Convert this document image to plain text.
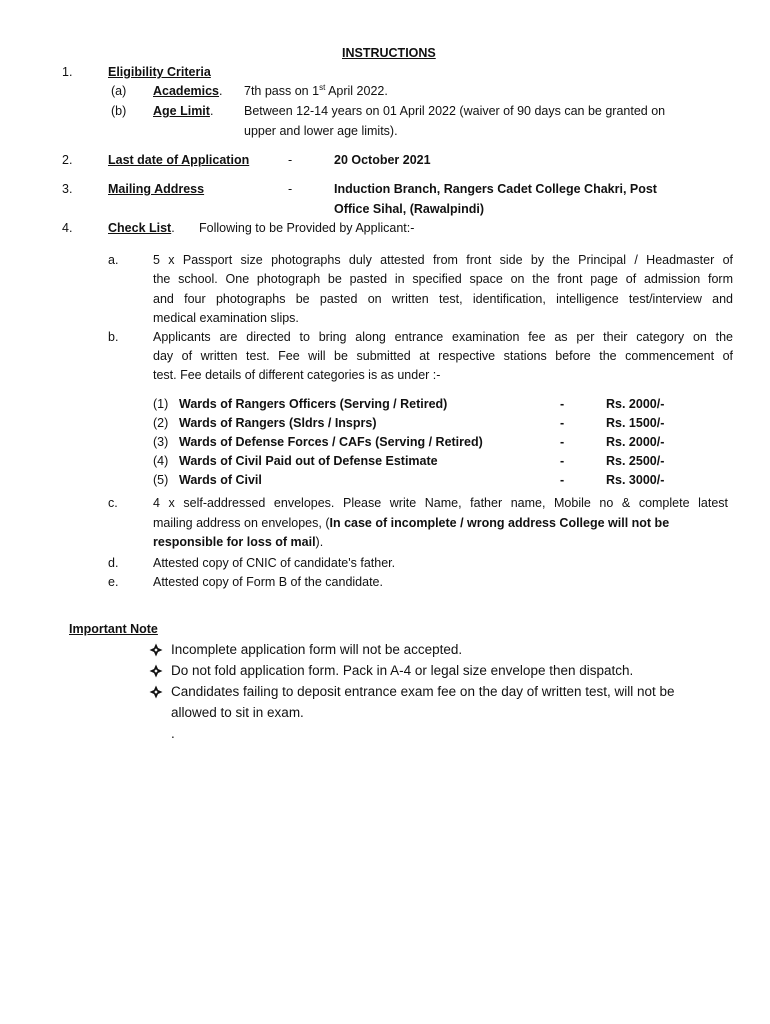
INSTRUCTIONS
1.	Eligibility Criteria
(a) Academics. 7th pass on 1st April 2022.
(b) Age Limit. Between 12-14 years on 01 April 2022 (waiver of 90 days can be granted on
upper and lower age limits).
2.	Last date of Application	-	20 October 2021
3.	Mailing Address	-	Induction Branch, Rangers Cadet College Chakri, Post
Office Sihal, (Rawalpindi)
4.	Check List. Following to be Provided by Applicant:-
a.	5 x Passport size photographs duly attested from front side by the Principal / Headmaster of
the school. One photograph be pasted in specified space on the front page of admission form
and four photographs be pasted on written test, identification, intelligence test/interview and
medical examination slips.
b.	Applicants are directed to bring along entrance examination fee as per their category on the
day of written test. Fee will be submitted at respective stations before the commencement of
test. Fee details of different categories is as under :-
(1) Wards of Rangers Officers (Serving / Retired)	-	Rs. 2000/-
(2) Wards of Rangers (Sldrs / Insprs)	-	Rs. 1500/-
(3) Wards of Defense Forces / CAFs (Serving / Retired)	-	Rs. 2000/-
(4) Wards of Civil Paid out of Defense Estimate	-	Rs. 2500/-
(5) Wards of Civil	-	Rs. 3000/-
c.	4 x self-addressed envelopes. Please write Name, father name, Mobile no & complete latest
mailing address on envelopes, (In case of incomplete / wrong address College will not be
responsible for loss of mail).
d.	Attested copy of CNIC of candidate's father.
e.	Attested copy of Form B of the candidate.
Important Note
Incomplete application form will not be accepted.
Do not fold application form. Pack in A-4 or legal size envelope then dispatch.
Candidates failing to deposit entrance exam fee on the day of written test, will not be
allowed to sit in exam.
.
